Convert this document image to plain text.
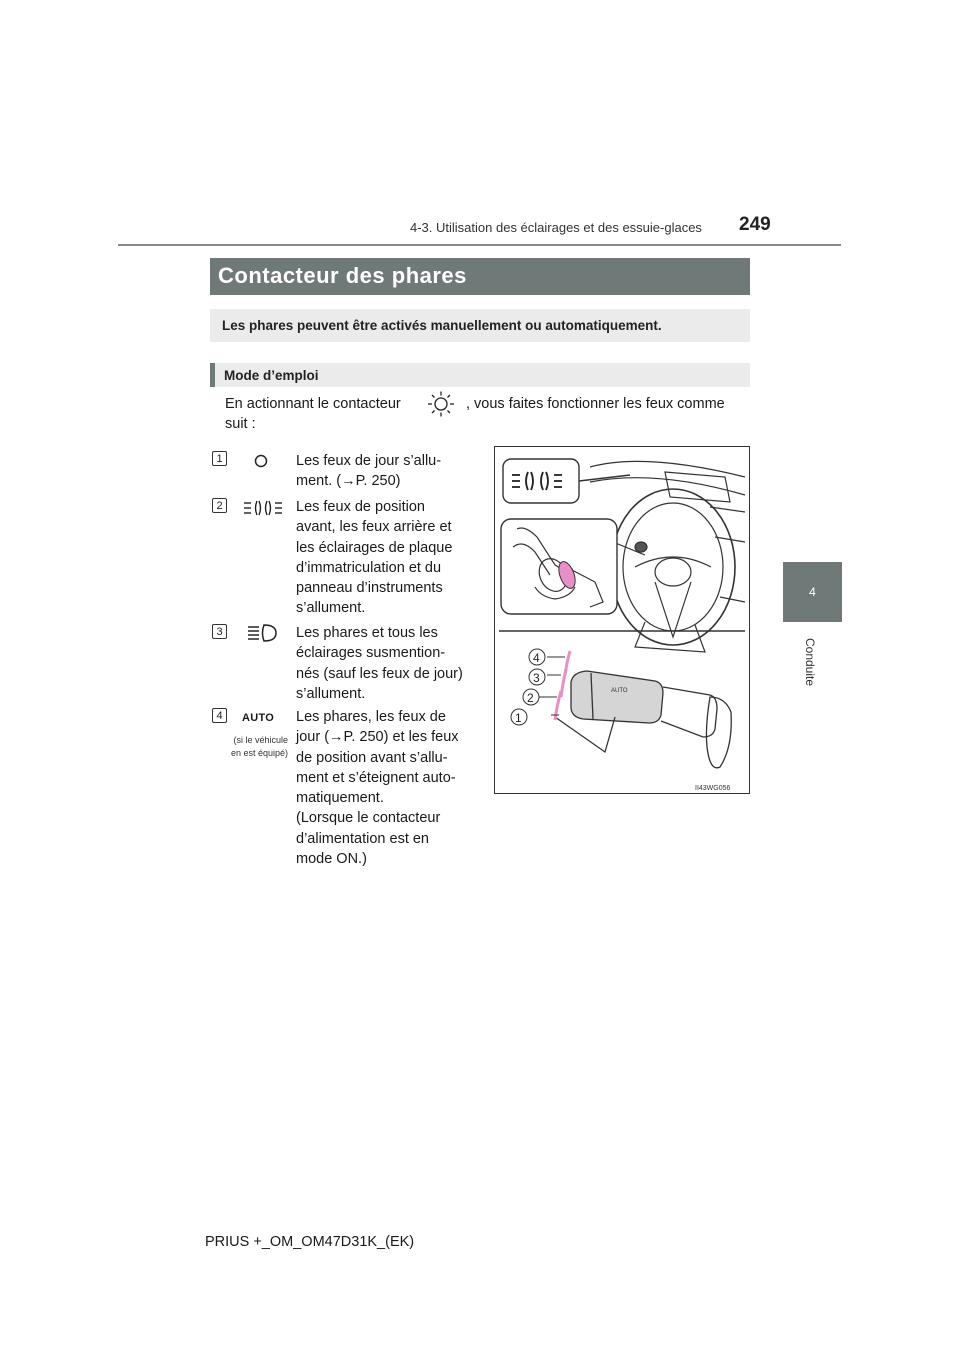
4-3. Utilisation des éclairages et des essuie-glaces 249
4
Conduite
Contacteur des phares
Les phares peuvent être activés manuellement ou automatiquement.
Mode d’emploi
En actionnant le contacteur	, vous faites fonctionner les feux comme
suit :
1	Les feux de jour s’allu-
ment. (→P. 250)
2	Les feux de position
avant, les feux arrière et
les éclairages de plaque
d’immatriculation et du
panneau d’instruments
s’allument.
3	Les phares et tous les
éclairages susmention-
nés (sauf les feux de jour)
s’allument.
4	AUTO
(si le véhicule en est équipé)
Les phares, les feux de
jour (→P. 250) et les feux
de position avant s’allu-
ment et s’éteignent auto-
matiquement.
(Lorsque le contacteur
d’alimentation est en
mode ON.)
AUTO
4
3
2
1
II43WG056
PRIUS +_OM_OM47D31K_(EK)
